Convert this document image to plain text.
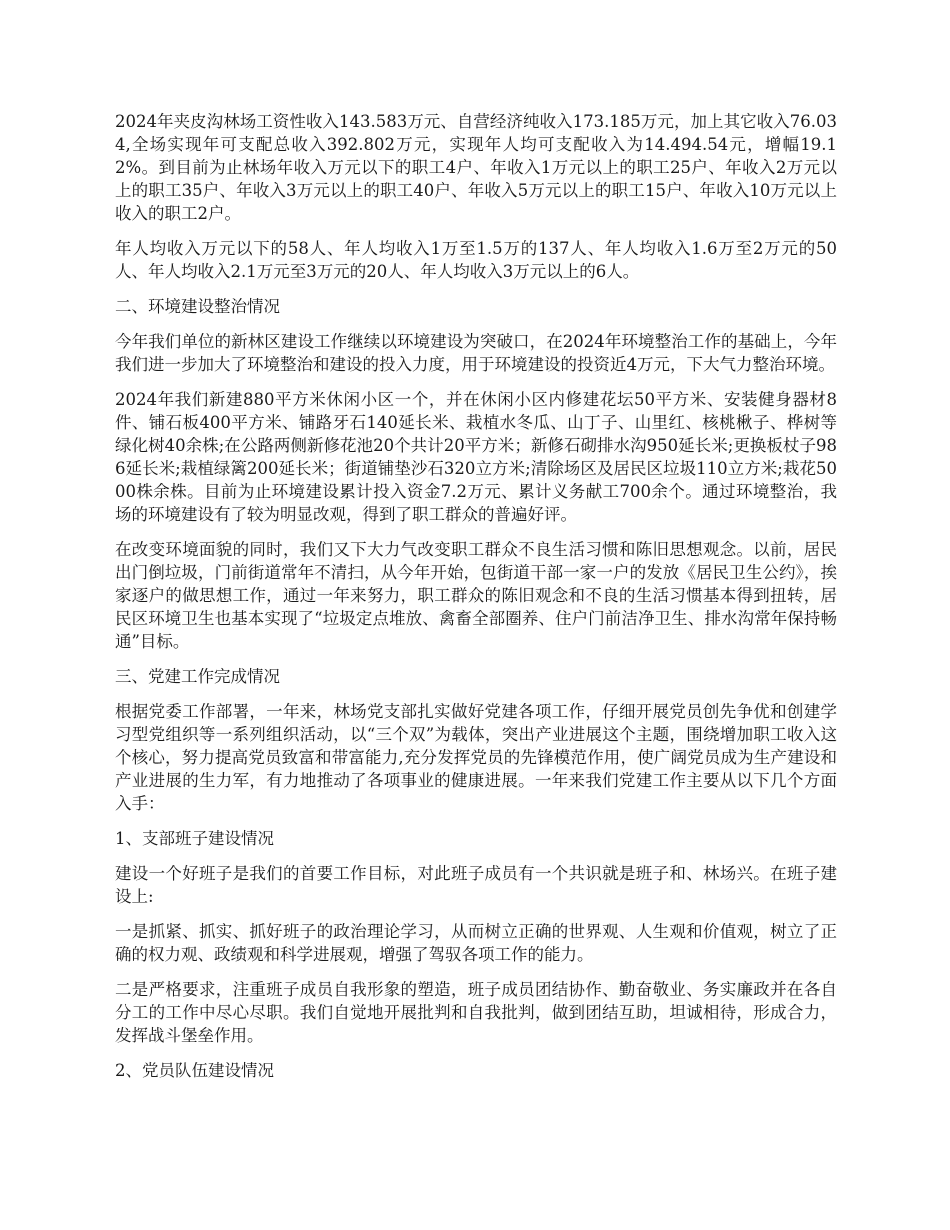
2024年夹皮沟林场工资性收入143.583万元、自营经济纯收入173.185万元，加上其它收入76.034,全场实现年可支配总收入392.802万元，实现年人均可支配收入为14.494.54元，增幅19.12%。到目前为止林场年收入万元以下的职工4户、年收入1万元以上的职工25户、年收入2万元以上的职工35户、年收入3万元以上的职工40户、年收入5万元以上的职工15户、年收入10万元以上收入的职工2户。

年人均收入万元以下的58人、年人均收入1万至1.5万的137人、年人均收入1.6万至2万元的50人、年人均收入2.1万元至3万元的20人、年人均收入3万元以上的6人。

二、环境建设整治情况

今年我们单位的新林区建设工作继续以环境建设为突破口，在2024年环境整治工作的基础上，今年我们进一步加大了环境整治和建设的投入力度，用于环境建设的投资近4万元，下大气力整治环境。

2024年我们新建880平方米休闲小区一个，并在休闲小区内修建花坛50平方米、安装健身器材8件、铺石板400平方米、铺路牙石140延长米、栽植水冬瓜、山丁子、山里红、核桃楸子、桦树等绿化树40余株;在公路两侧新修花池20个共计20平方米；新修石砌排水沟950延长米;更换板杖子986延长米;栽植绿篱200延长米；街道铺垫沙石320立方米;清除场区及居民区垃圾110立方米;栽花5000株余株。目前为止环境建设累计投入资金7.2万元、累计义务献工700余个。通过环境整治，我场的环境建设有了较为明显改观，得到了职工群众的普遍好评。

在改变环境面貌的同时，我们又下大力气改变职工群众不良生活习惯和陈旧思想观念。以前，居民出门倒垃圾，门前街道常年不清扫，从今年开始，包街道干部一家一户的发放《居民卫生公约》，挨家逐户的做思想工作，通过一年来努力，职工群众的陈旧观念和不良的生活习惯基本得到扭转，居民区环境卫生也基本实现了“垃圾定点堆放、禽畜全部圈养、住户门前洁净卫生、排水沟常年保持畅通”目标。

三、党建工作完成情况

根据党委工作部署，一年来，林场党支部扎实做好党建各项工作，仔细开展党员创先争优和创建学习型党组织等一系列组织活动，以“三个双”为载体，突出产业进展这个主题，围绕增加职工收入这个核心，努力提高党员致富和带富能力,充分发挥党员的先锋模范作用，使广阔党员成为生产建设和产业进展的生力军，有力地推动了各项事业的健康进展。一年来我们党建工作主要从以下几个方面入手：

1、支部班子建设情况

建设一个好班子是我们的首要工作目标，对此班子成员有一个共识就是班子和、林场兴。在班子建设上:

一是抓紧、抓实、抓好班子的政治理论学习，从而树立正确的世界观、人生观和价值观，树立了正确的权力观、政绩观和科学进展观，增强了驾驭各项工作的能力。

二是严格要求，注重班子成员自我形象的塑造，班子成员团结协作、勤奋敬业、务实廉政并在各自分工的工作中尽心尽职。我们自觉地开展批判和自我批判，做到团结互助，坦诚相待，形成合力，发挥战斗堡垒作用。

2、党员队伍建设情况
